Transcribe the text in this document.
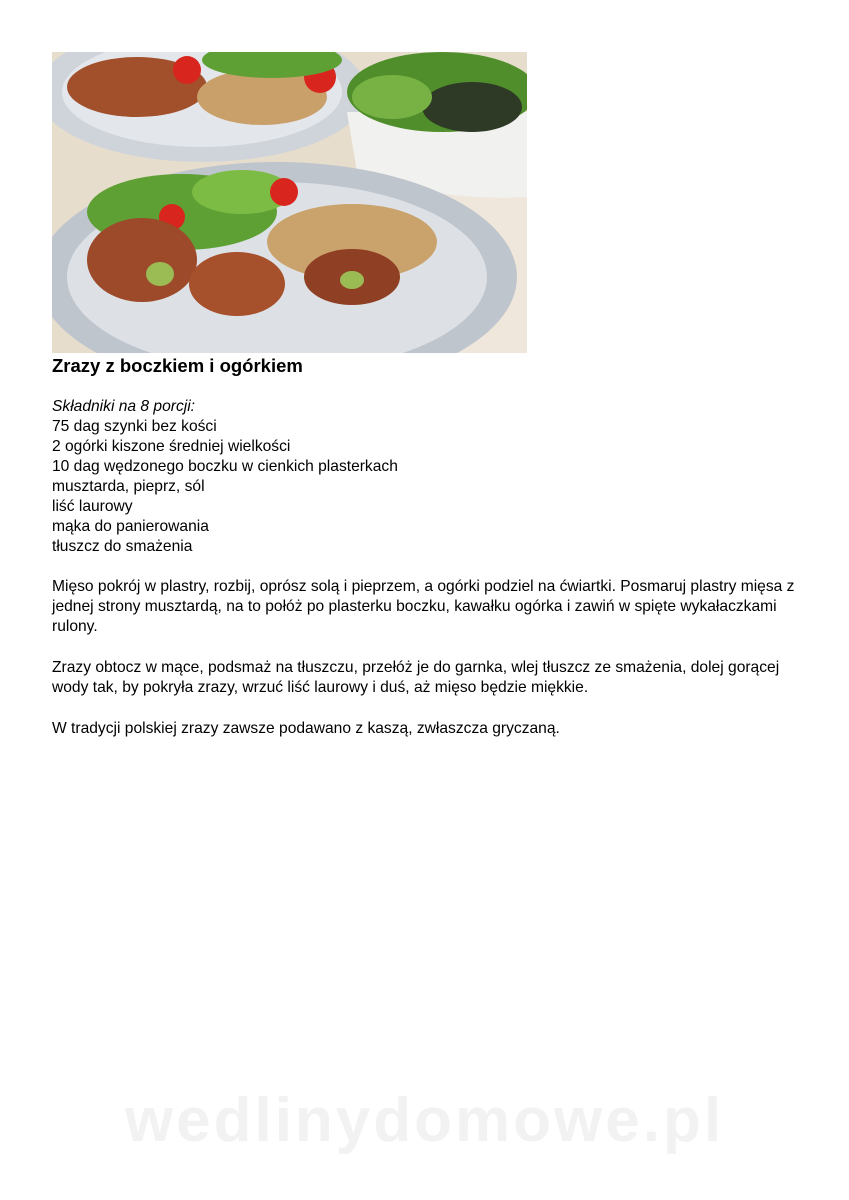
Zrazy z boczkiem i ogórkiem
Składniki na 8 porcji:
75 dag szynki bez kości
2 ogórki kiszone średniej wielkości
10 dag wędzonego boczku w cienkich plasterkach
musztarda, pieprz, sól
liść laurowy
mąka do panierowania
tłuszcz do smażenia

Mięso pokrój w plastry, rozbij, oprósz solą i pieprzem, a ogórki podziel na ćwiartki. Posmaruj plastry mięsa z jednej strony musztardą, na to połóż po plasterku boczku, kawałku ogórka i zawiń w spięte wykałaczkami rulony.

Zrazy obtocz w mące, podsmaż na tłuszczu, przełóż je do garnka, wlej tłuszcz ze smażenia, dolej gorącej wody tak, by pokryła zrazy, wrzuć liść laurowy i duś, aż mięso będzie miękkie.

W tradycji polskiej zrazy zawsze podawano z kaszą, zwłaszcza gryczaną.

wedlinydomowe.pl
